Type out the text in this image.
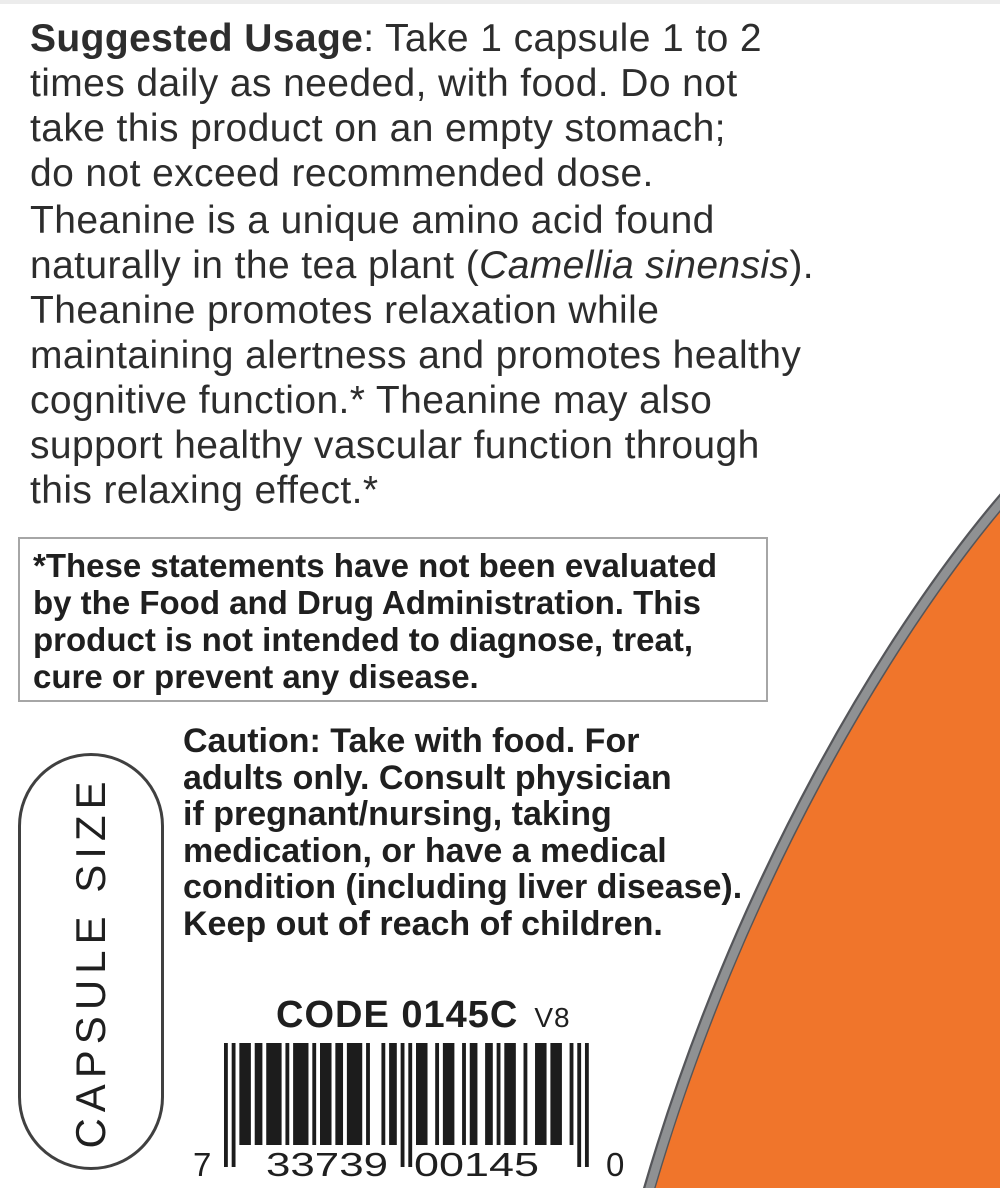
Suggested Usage: Take 1 capsule 1 to 2
times daily as needed, with food. Do not
take this product on an empty stomach;
do not exceed recommended dose.
Theanine is a unique amino acid found
naturally in the tea plant (Camellia sinensis).
Theanine promotes relaxation while
maintaining alertness and promotes healthy
cognitive function.* Theanine may also
support healthy vascular function through
this relaxing effect.*
*These statements have not been evaluated
by the Food and Drug Administration. This
product is not intended to diagnose, treat,
cure or prevent any disease.
Caution: Take with food. For
adults only. Consult physician
if pregnant/nursing, taking
medication, or have a medical
condition (including liver disease).
Keep out of reach of children.
CAPSULE SIZE	CODE 0145C V8
7 33739 00145 0
